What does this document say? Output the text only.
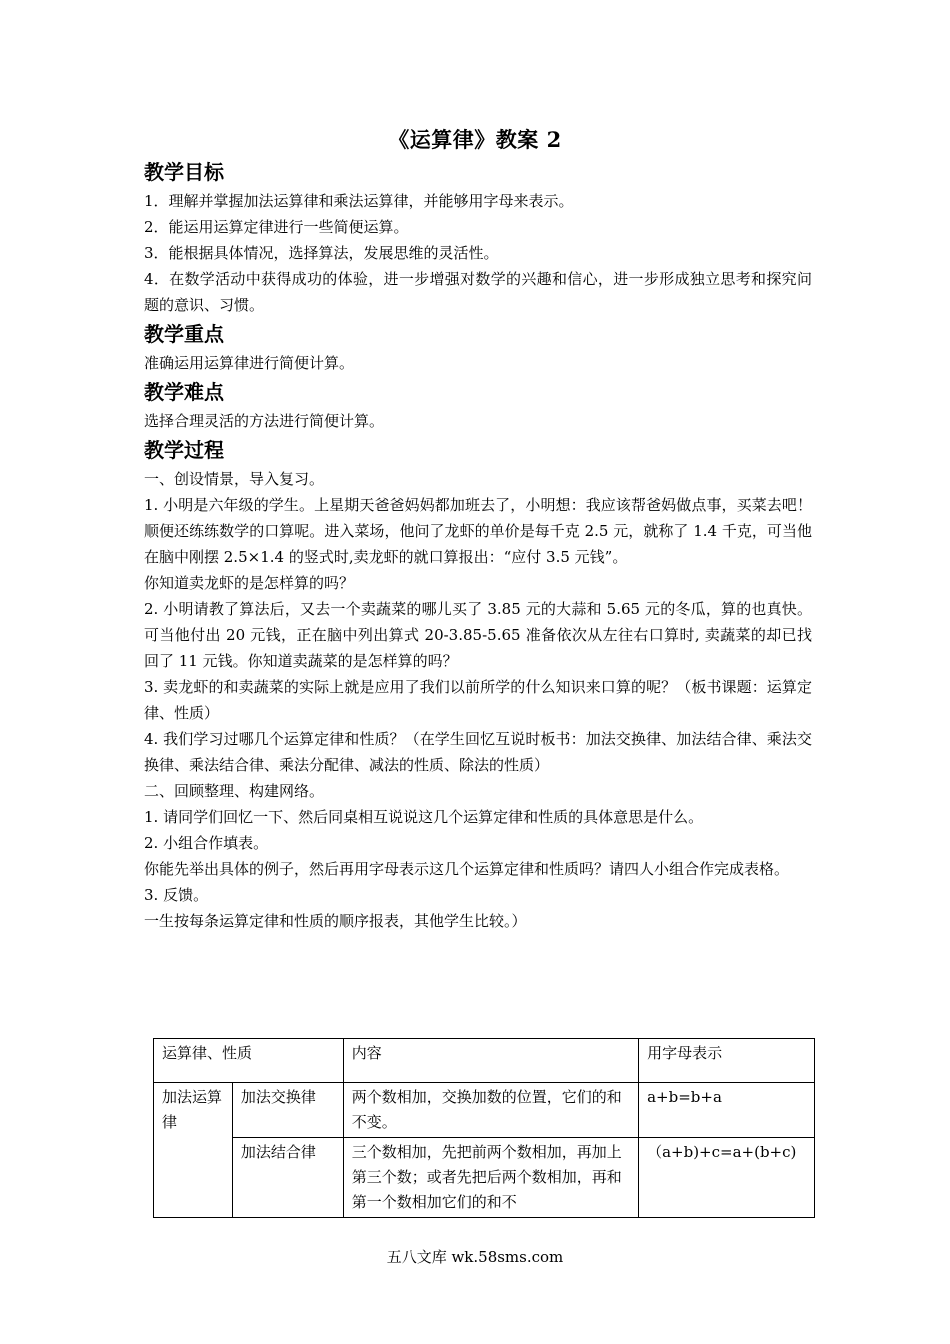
《运算律》教案 2
教学目标
1．理解并掌握加法运算律和乘法运算律，并能够用字母来表示。
2．能运用运算定律进行一些简便运算。
3．能根据具体情况，选择算法，发展思维的灵活性。
4．在数学活动中获得成功的体验，进一步增强对数学的兴趣和信心，进一步形成独立思考和探究问题的意识、习惯。
教学重点
准确运用运算律进行简便计算。
教学难点
选择合理灵活的方法进行简便计算。
教学过程
一、创设情景，导入复习。
1. 小明是六年级的学生。上星期天爸爸妈妈都加班去了，小明想：我应该帮爸妈做点事，买菜去吧！顺便还练练数学的口算呢。进入菜场，他问了龙虾的单价是每千克 2.5 元，就称了 1.4 千克，可当他在脑中刚摆 2.5×1.4 的竖式时,卖龙虾的就口算报出：“应付 3.5 元钱”。
你知道卖龙虾的是怎样算的吗？
2. 小明请教了算法后，又去一个卖蔬菜的哪儿买了 3.85 元的大蒜和 5.65 元的冬瓜，算的也真快。可当他付出 20 元钱，正在脑中列出算式 20-3.85-5.65 准备依次从左往右口算时, 卖蔬菜的却已找回了 11 元钱。你知道卖蔬菜的是怎样算的吗？
3. 卖龙虾的和卖蔬菜的实际上就是应用了我们以前所学的什么知识来口算的呢？（板书课题：运算定律、性质）
4. 我们学习过哪几个运算定律和性质？（在学生回忆互说时板书：加法交换律、加法结合律、乘法交换律、乘法结合律、乘法分配律、减法的性质、除法的性质）
二、回顾整理、构建网络。
1. 请同学们回忆一下、然后同桌相互说说这几个运算定律和性质的具体意思是什么。
2. 小组合作填表。
你能先举出具体的例子，然后再用字母表示这几个运算定律和性质吗？请四人小组合作完成表格。
3. 反馈。
一生按每条运算定律和性质的顺序报表，其他学生比较。）
运算律、性质		内容	用字母表示
加法运算律	加法交换律	两个数相加，交换加数的位置，它们的和不变。	a+b=b+a
	加法结合律	三个数相加，先把前两个数相加，再加上第三个数；或者先把后两个数相加，再和第一个数相加它们的和不	（a+b)+c=a+(b+c)
五八文库 wk.58sms.com
